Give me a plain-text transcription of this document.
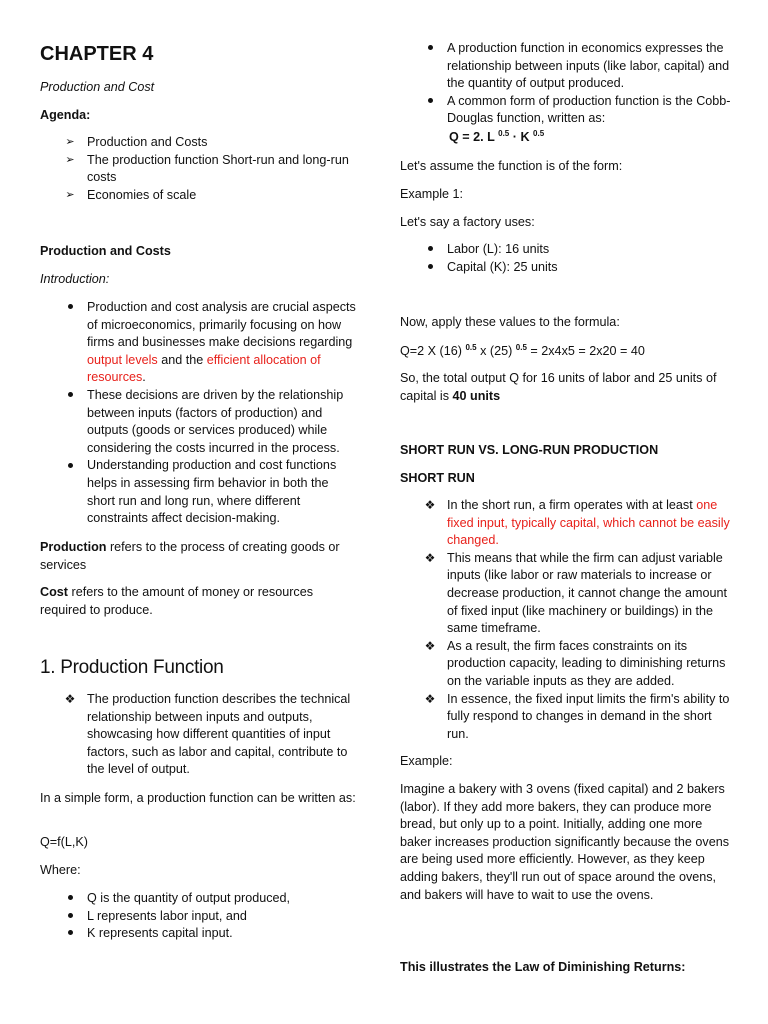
CHAPTER 4

Production and Cost

Agenda:

➢ Production and Costs
➢ The production function Short-run and long-run costs
➢ Economies of scale

Production and Costs

Introduction:

Production and cost analysis are crucial aspects of microeconomics, primarily focusing on how firms and businesses make decisions regarding output levels and the efficient allocation of resources.
These decisions are driven by the relationship between inputs (factors of production) and outputs (goods or services produced) while considering the costs incurred in the process.
Understanding production and cost functions helps in assessing firm behavior in both the short run and long run, where different constraints affect decision-making.

Production refers to the process of creating goods or services

Cost refers to the amount of money or resources required to produce.

1. Production Function

❖ The production function describes the technical relationship between inputs and outputs, showcasing how different quantities of input factors, such as labor and capital, contribute to the level of output.

In a simple form, a production function can be written as:

Q=f(L,K)

Where:

Q is the quantity of output produced,
L represents labor input, and
K represents capital input.
A production function in economics expresses the relationship between inputs (like labor, capital) and the quantity of output produced.
A common form of production function is the Cobb-Douglas function, written as:

Q = 2. L $^{0.5}$ · K $^{0.5}$

Let's assume the function is of the form:

Example 1:

Let's say a factory uses:

Labor (L): 16 units
Capital (K): 25 units

Now, apply these values to the formula:

Q=2 X (16) $^{0.5}$ x (25) $^{0.5}$ = 2x4x5 = 2x20 = 40

So, the total output Q for 16 units of labor and 25 units of capital is 40 units

SHORT RUN VS. LONG-RUN PRODUCTION

SHORT RUN

❖ In the short run, a firm operates with at least one fixed input, typically capital, which cannot be easily changed.
❖ This means that while the firm can adjust variable inputs (like labor or raw materials to increase or decrease production, it cannot change the amount of fixed input (like machinery or buildings) in the same timeframe.
❖ As a result, the firm faces constraints on its production capacity, leading to diminishing returns on the variable inputs as they are added.
❖ In essence, the fixed input limits the firm's ability to fully respond to changes in demand in the short run.

Example:

Imagine a bakery with 3 ovens (fixed capital) and 2 bakers (labor). If they add more bakers, they can produce more bread, but only up to a point. Initially, adding one more baker increases production significantly because the ovens are being used more efficiently. However, as they keep adding bakers, they'll run out of space around the ovens, and bakers will have to wait to use the ovens.

This illustrates the Law of Diminishing Returns:
